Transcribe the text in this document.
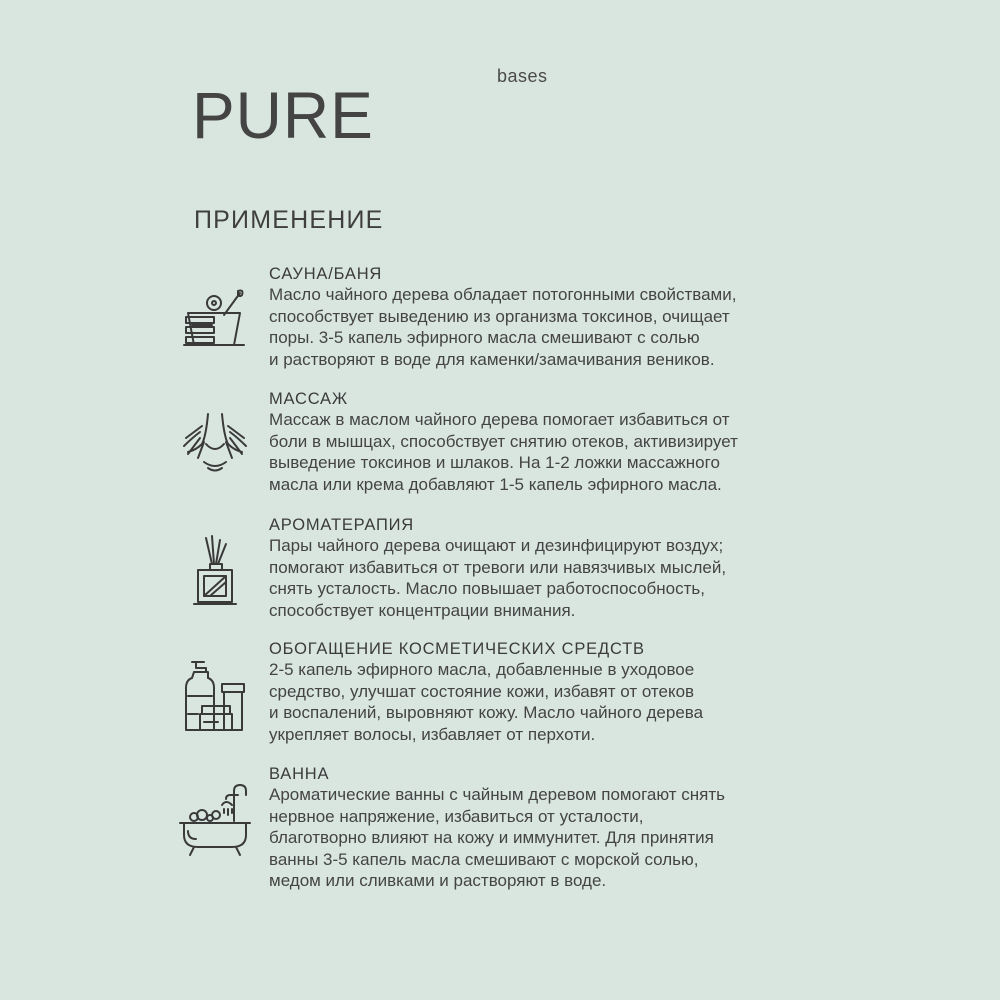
bases
PURE
ПРИМЕНЕНИЕ
САУНА/БАНЯ
Масло чайного дерева обладает потогонными свойствами,
способствует выведению из организма токсинов, очищает
поры. 3-5 капель эфирного масла смешивают с солью
и растворяют в воде для каменки/замачивания веников.
МАССАЖ
Массаж в маслом чайного дерева помогает избавиться от
боли в мышцах, способствует снятию отеков, активизирует
выведение токсинов и шлаков. На 1-2 ложки массажного
масла или крема добавляют 1-5 капель эфирного масла.
АРОМАТЕРАПИЯ
Пары чайного дерева очищают и дезинфицируют воздух;
помогают избавиться от тревоги или навязчивых мыслей,
снять усталость. Масло повышает работоспособность,
способствует концентрации внимания.
ОБОГАЩЕНИЕ КОСМЕТИЧЕСКИХ СРЕДСТВ
2-5 капель эфирного масла, добавленные в уходовое
средство, улучшат состояние кожи, избавят от отеков
и воспалений, выровняют кожу. Масло чайного дерева
укрепляет волосы, избавляет от перхоти.
ВАННА
Ароматические ванны с чайным деревом помогают снять
нервное напряжение, избавиться от усталости,
благотворно влияют на кожу и иммунитет. Для принятия
ванны 3-5 капель масла смешивают с морской солью,
медом или сливками и растворяют в воде.
